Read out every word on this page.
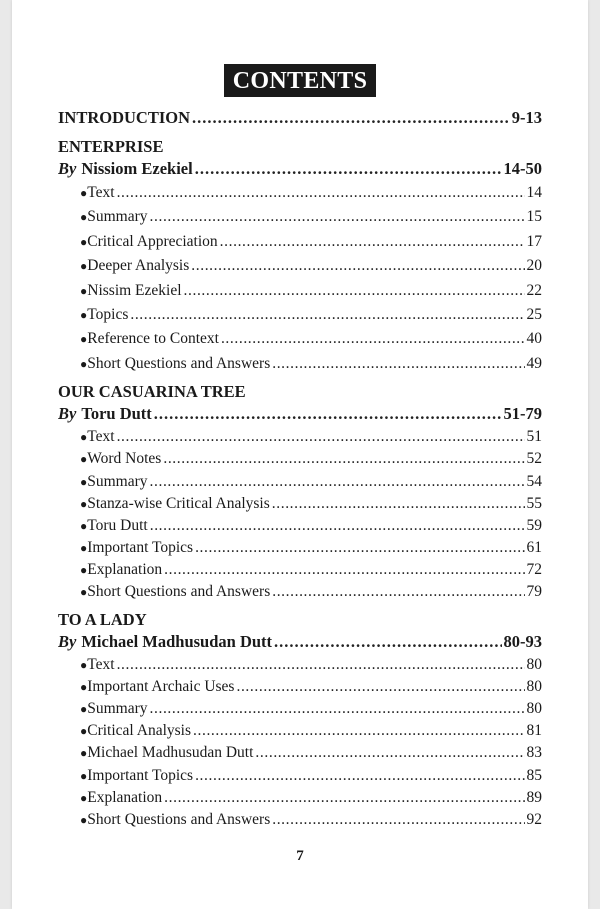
CONTENTS
INTRODUCTION .....	9-13
ENTERPRISE
By Nissiom Ezekiel .....	14-50
● Text .....	14
● Summary .....	15
● Critical Appreciation .....	17
● Deeper Analysis .....	20
● Nissim Ezekiel .....	22
● Topics .....	25
● Reference to Context .....	40
● Short Questions and Answers .....	49
OUR CASUARINA TREE
By Toru Dutt .....	51-79
● Text .....	51
● Word Notes .....	52
● Summary .....	54
● Stanza-wise Critical Analysis .....	55
● Toru Dutt .....	59
● Important Topics .....	61
● Explanation .....	72
● Short Questions and Answers .....	79
TO A LADY
By Michael Madhusudan Dutt .....	80-93
● Text .....	80
● Important Archaic Uses .....	80
● Summary .....	80
● Critical Analysis .....	81
● Michael Madhusudan Dutt .....	83
● Important Topics .....	85
● Explanation .....	89
● Short Questions and Answers .....	92
7
